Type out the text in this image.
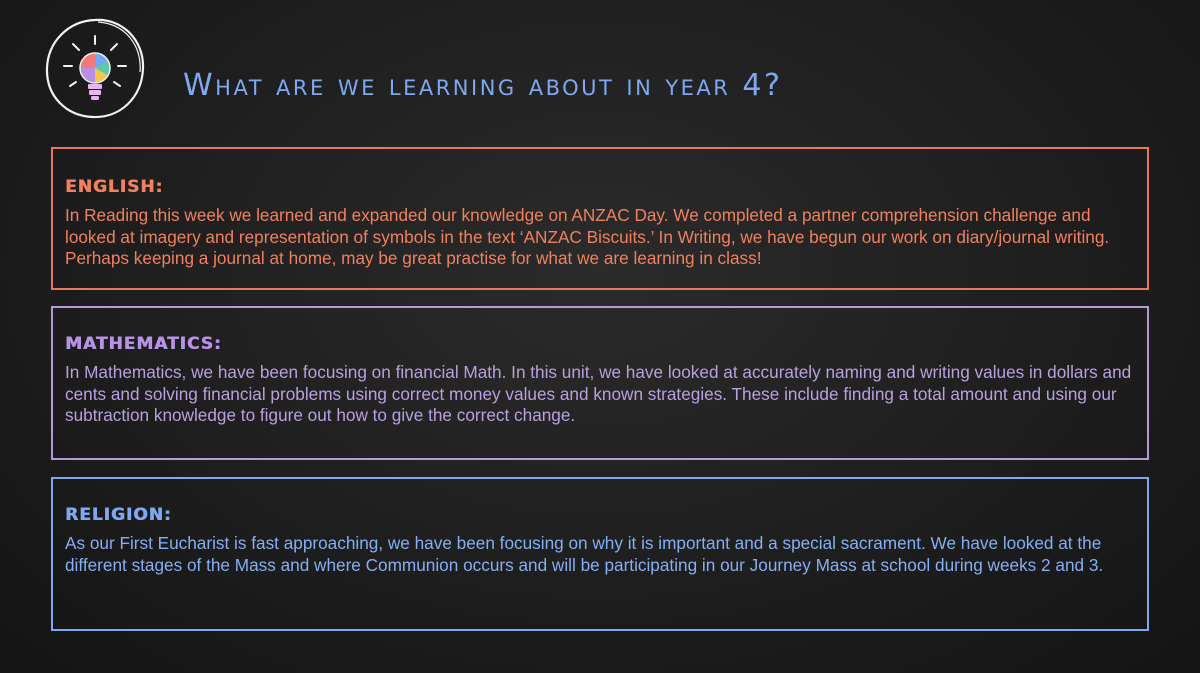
What are we learning about in year 4?
ENGLISH:

In Reading this week we learned and expanded our knowledge on ANZAC Day. We completed a partner comprehension challenge and looked at imagery and representation of symbols in the text ‘ANZAC Biscuits.’ In Writing, we have begun our work on diary/journal writing. Perhaps keeping a journal at home, may be great practise for what we are learning in class!

MATHEMATICS:

In Mathematics, we have been focusing on financial Math. In this unit, we have looked at accurately naming and writing values in dollars and cents and solving financial problems using correct money values and known strategies. These include finding a total amount and using our subtraction knowledge to figure out how to give the correct change.

RELIGION:

As our First Eucharist is fast approaching, we have been focusing on why it is important and a special sacrament. We have looked at the different stages of the Mass and where Communion occurs and will be participating in our Journey Mass at school during weeks 2 and 3.
